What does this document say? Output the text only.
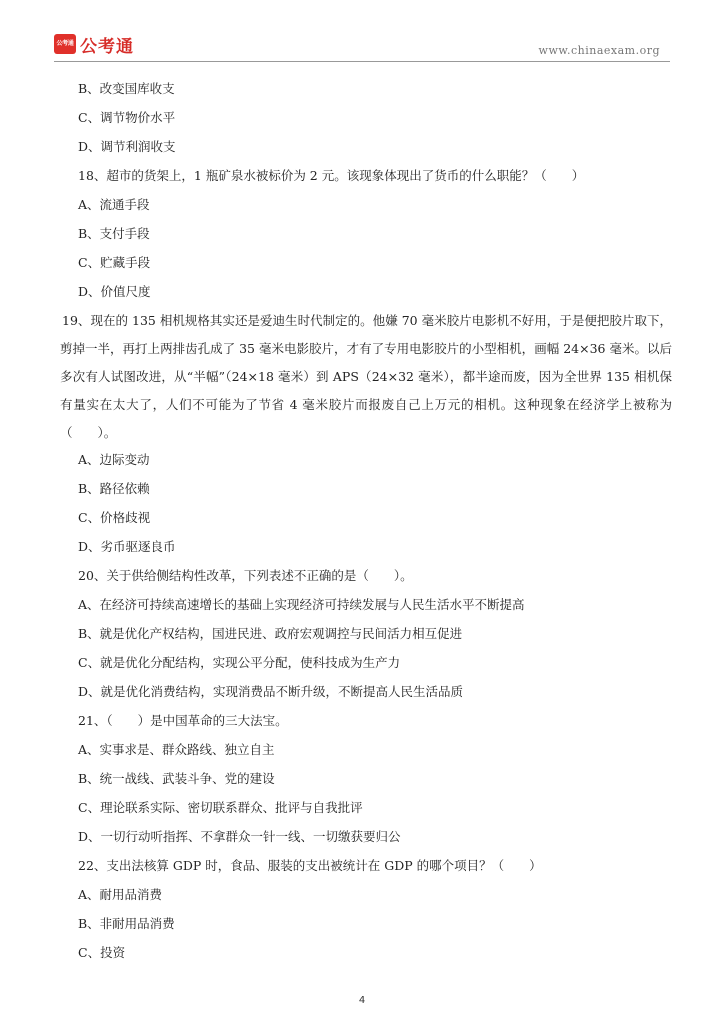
公考通 公考通	www.chinaexam.org
B、改变国库收支
C、调节物价水平
D、调节利润收支
18、超市的货架上，1 瓶矿泉水被标价为 2 元。该现象体现出了货币的什么职能？（　　）
A、流通手段
B、支付手段
C、贮藏手段
D、价值尺度
19、现在的 135 相机规格其实还是爱迪生时代制定的。他嫌 70 毫米胶片电影机不好用，于是便把胶片取下，剪掉一半，再打上两排齿孔成了 35 毫米电影胶片，才有了专用电影胶片的小型相机，画幅 24×36 毫米。以后多次有人试图改进，从“半幅”（24×18 毫米）到 APS（24×32 毫米），都半途而废，因为全世界 135 相机保有量实在太大了，人们不可能为了节省 4 毫米胶片而报废自己上万元的相机。这种现象在经济学上被称为（　　）。
A、边际变动
B、路径依赖
C、价格歧视
D、劣币驱逐良币
20、关于供给侧结构性改革，下列表述不正确的是（　　）。
A、在经济可持续高速增长的基础上实现经济可持续发展与人民生活水平不断提高
B、就是优化产权结构，国进民进、政府宏观调控与民间活力相互促进
C、就是优化分配结构，实现公平分配，使科技成为生产力
D、就是优化消费结构，实现消费品不断升级，不断提高人民生活品质
21、（　　）是中国革命的三大法宝。
A、实事求是、群众路线、独立自主
B、统一战线、武装斗争、党的建设
C、理论联系实际、密切联系群众、批评与自我批评
D、一切行动听指挥、不拿群众一针一线、一切缴获要归公
22、支出法核算 GDP 时，食品、服装的支出被统计在 GDP 的哪个项目？（　　）
A、耐用品消费
B、非耐用品消费
C、投资
4
